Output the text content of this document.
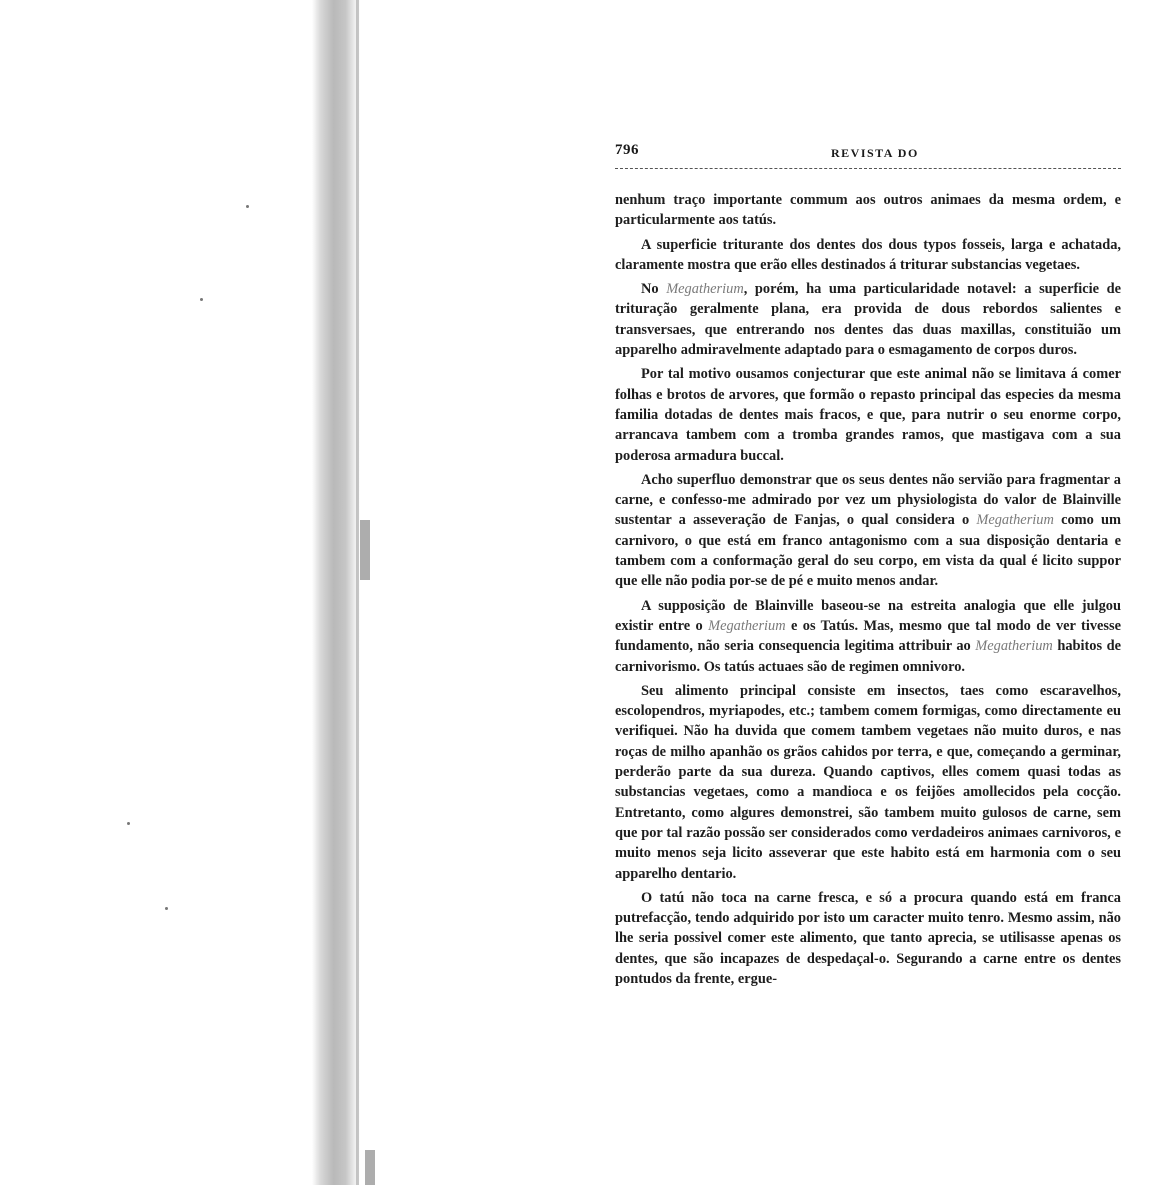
796	REVISTA DO

nenhum traço importante commum aos outros animaes da mesma ordem, e particularmente aos tatús.

A superficie triturante dos dentes dos dous typos fosseis, larga e achatada, claramente mostra que erão elles destinados á triturar substancias vegetaes.

No Megatherium, porém, ha uma particularidade notavel: a superficie de trituração geralmente plana, era provida de dous rebordos salientes e transversaes, que entrerando nos dentes das duas maxillas, constituião um apparelho admiravelmente adaptado para o esmagamento de corpos duros.

Por tal motivo ousamos conjecturar que este animal não se limitava á comer folhas e brotos de arvores, que formão o repasto principal das especies da mesma familia dotadas de dentes mais fracos, e que, para nutrir o seu enorme corpo, arrancava tambem com a tromba grandes ramos, que mastigava com a sua poderosa armadura buccal.

Acho superfluo demonstrar que os seus dentes não servião para fragmentar a carne, e confesso-me admirado por vez um physiologista do valor de Blainville sustentar a asseveração de Fanjas, o qual considera o Megatherium como um carnivoro, o que está em franco antagonismo com a sua disposição dentaria e tambem com a conformação geral do seu corpo, em vista da qual é licito suppor que elle não podia por-se de pé e muito menos andar.

A supposição de Blainville baseou-se na estreita analogia que elle julgou existir entre o Megatherium e os Tatús. Mas, mesmo que tal modo de ver tivesse fundamento, não seria consequencia legitima attribuir ao Megatherium habitos de carnivorismo. Os tatús actuaes são de regimen omnivoro.

Seu alimento principal consiste em insectos, taes como escaravelhos, escolopendros, myriapodes, etc.; tambem comem formigas, como directamente eu verifiquei. Não ha duvida que comem tambem vegetaes não muito duros, e nas roças de milho apanhão os grãos cahidos por terra, e que, começando a germinar, perderão parte da sua dureza. Quando captivos, elles comem quasi todas as substancias vegetaes, como a mandioca e os feijões amollecidos pela cocção. Entretanto, como algures demonstrei, são tambem muito gulosos de carne, sem que por tal razão possão ser considerados como verdadeiros animaes carnivoros, e muito menos seja licito asseverar que este habito está em harmonia com o seu apparelho dentario.

O tatú não toca na carne fresca, e só a procura quando está em franca putrefacção, tendo adquirido por isto um caracter muito tenro. Mesmo assim, não lhe seria possivel comer este alimento, que tanto aprecia, se utilisasse apenas os dentes, que são incapazes de despedaçal-o. Segurando a carne entre os dentes pontudos da frente, ergue-
